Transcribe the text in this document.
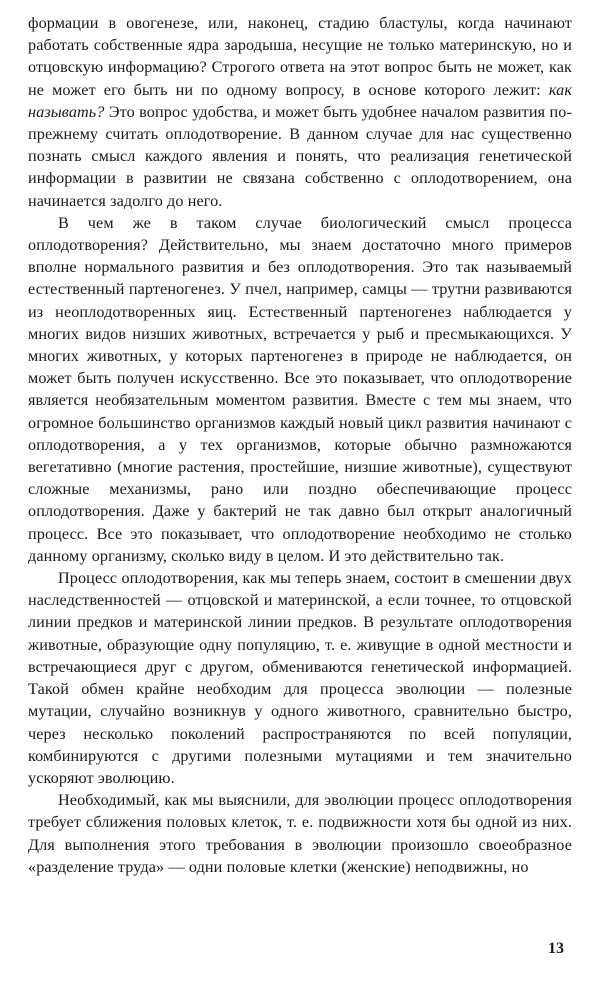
формации в овогенезе, или, наконец, стадию бластулы, когда начинают работать собственные ядра зародыша, несущие не только материнскую, но и отцовскую информацию? Строгого ответа на этот вопрос быть не может, как не может его быть ни по одному вопросу, в основе которого лежит: как называть? Это вопрос удобства, и может быть удобнее началом развития по-прежнему считать оплодотворение. В данном случае для нас существенно познать смысл каждого явления и понять, что реализация генетической информации в развитии не связана собственно с оплодотворением, она начинается задолго до него.

В чем же в таком случае биологический смысл процесса оплодотворения? Действительно, мы знаем достаточно много примеров вполне нормального развития и без оплодотворения. Это так называемый естественный партеногенез. У пчел, например, самцы — трутни развиваются из неоплодотворенных яиц. Естественный партеногенез наблюдается у многих видов низших животных, встречается у рыб и пресмыкающихся. У многих животных, у которых партеногенез в природе не наблюдается, он может быть получен искусственно. Все это показывает, что оплодотворение является необязательным моментом развития. Вместе с тем мы знаем, что огромное большинство организмов каждый новый цикл развития начинают с оплодотворения, а у тех организмов, которые обычно размножаются вегетативно (многие растения, простейшие, низшие животные), существуют сложные механизмы, рано или поздно обеспечивающие процесс оплодотворения. Даже у бактерий не так давно был открыт аналогичный процесс. Все это показывает, что оплодотворение необходимо не столько данному организму, сколько виду в целом. И это действительно так.

Процесс оплодотворения, как мы теперь знаем, состоит в смешении двух наследственностей — отцовской и материнской, а если точнее, то отцовской линии предков и материнской линии предков. В результате оплодотворения животные, образующие одну популяцию, т. е. живущие в одной местности и встречающиеся друг с другом, обмениваются генетической информацией. Такой обмен крайне необходим для процесса эволюции — полезные мутации, случайно возникнув у одного животного, сравнительно быстро, через несколько поколений распространяются по всей популяции, комбинируются с другими полезными мутациями и тем значительно ускоряют эволюцию.

Необходимый, как мы выяснили, для эволюции процесс оплодотворения требует сближения половых клеток, т. е. подвижности хотя бы одной из них. Для выполнения этого требования в эволюции произошло своеобразное «разделение труда» — одни половые клетки (женские) неподвижны, но

13
